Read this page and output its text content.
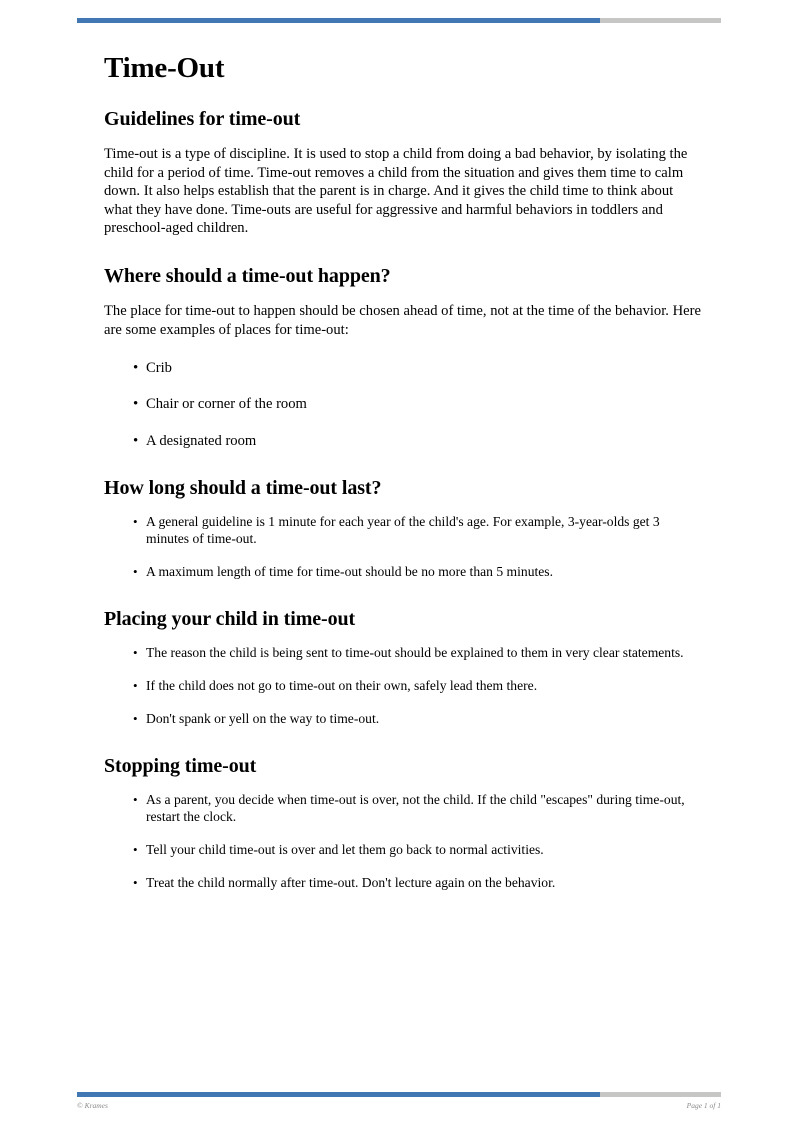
Time-Out
Guidelines for time-out

Time-out is a type of discipline. It is used to stop a child from doing a bad behavior, by isolating the child for a period of time. Time-out removes a child from the situation and gives them time to calm down. It also helps establish that the parent is in charge. And it gives the child time to think about what they have done. Time-outs are useful for aggressive and harmful behaviors in toddlers and preschool-aged children.

Where should a time-out happen?

The place for time-out to happen should be chosen ahead of time, not at the time of the behavior. Here are some examples of places for time-out:

• Crib
• Chair or corner of the room
• A designated room
How long should a time-out last?
• A general guideline is 1 minute for each year of the child's age. For example, 3-year-olds get 3 minutes of time-out.
• A maximum length of time for time-out should be no more than 5 minutes.
Placing your child in time-out
• The reason the child is being sent to time-out should be explained to them in very clear statements.
• If the child does not go to time-out on their own, safely lead them there.
• Don't spank or yell on the way to time-out.
Stopping time-out
• As a parent, you decide when time-out is over, not the child. If the child "escapes" during time-out, restart the clock.
• Tell your child time-out is over and let them go back to normal activities.
• Treat the child normally after time-out. Don't lecture again on the behavior.
© Krames	Page 1 of 1
